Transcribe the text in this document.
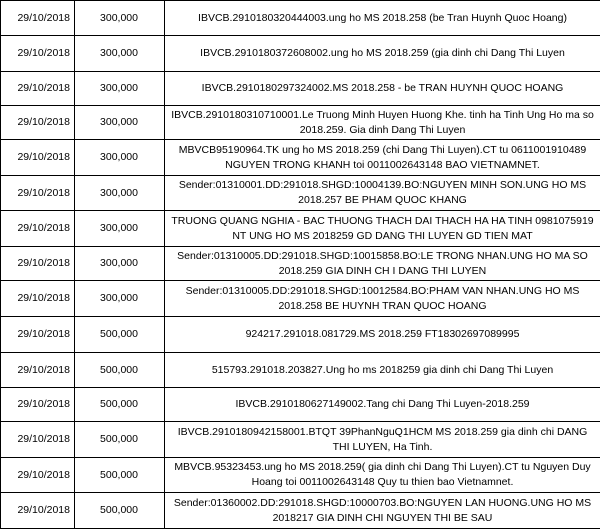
29/10/2018	300,000	IBVCB.2910180320444003.ung ho MS 2018.258 (be Tran Huynh Quoc Hoang)
29/10/2018	300,000	IBVCB.2910180372608002.ung ho MS 2018.259 (gia dinh chi Dang Thi Luyen
29/10/2018	300,000	IBVCB.2910180297324002.MS 2018.258 - be TRAN HUYNH QUOC HOANG
29/10/2018	300,000	IBVCB.2910180310710001.Le Truong Minh Huyen Huong Khe. tinh ha Tinh Ung Ho ma so 2018.259. Gia dinh Dang Thi Luyen
29/10/2018	300,000	MBVCB95190964.TK ung ho MS 2018.259 (chi Dang Thi Luyen).CT tu 0611001910489 NGUYEN TRONG KHANH toi 0011002643148 BAO VIETNAMNET.
29/10/2018	300,000	Sender:01310001.DD:291018.SHGD:10004139.BO:NGUYEN MINH SON.UNG HO MS 2018.257 BE PHAM QUOC KHANG
29/10/2018	300,000	TRUONG QUANG NGHIA - BAC THUONG THACH DAI THACH HA HA TINH 0981075919 NT UNG HO MS 2018259 GD DANG THI LUYEN GD TIEN MAT
29/10/2018	300,000	Sender:01310005.DD:291018.SHGD:10015858.BO:LE TRONG NHAN.UNG HO MA SO 2018.259 GIA DINH CH I DANG THI LUYEN
29/10/2018	300,000	Sender:01310005.DD:291018.SHGD:10012584.BO:PHAM VAN NHAN.UNG HO MS 2018.258 BE HUYNH TRAN QUOC HOANG
29/10/2018	500,000	924217.291018.081729.MS 2018.259 FT18302697089995
29/10/2018	500,000	515793.291018.203827.Ung ho ms 2018259 gia dinh chi Dang Thi Luyen
29/10/2018	500,000	IBVCB.2910180627149002.Tang chi Dang Thi Luyen-2018.259
29/10/2018	500,000	IBVCB.2910180942158001.BTQT 39PhanNguQ1HCM MS 2018.259 gia dinh chi DANG THI LUYEN, Ha Tinh.
29/10/2018	500,000	MBVCB.95323453.ung ho MS 2018.259( gia dinh chi Dang Thi Luyen).CT tu Nguyen Duy Hoang toi 0011002643148 Quy tu thien bao Vietnamnet.
29/10/2018	500,000	Sender:01360002.DD:291018.SHGD:10000703.BO:NGUYEN LAN HUONG.UNG HO MS 2018217 GIA DINH CHI NGUYEN THI BE SAU
